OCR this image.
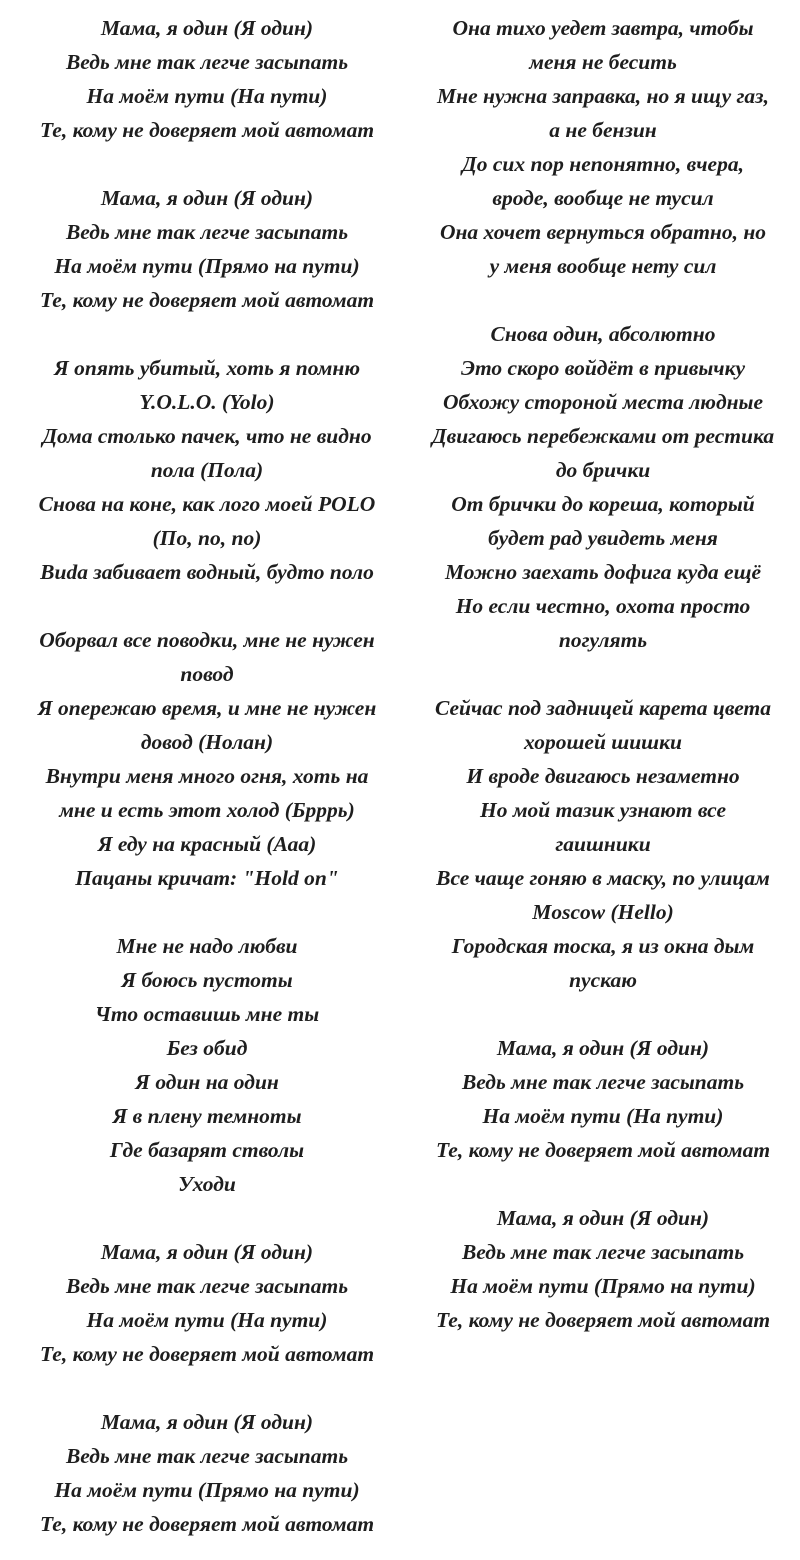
Мама, я один (Я один)
Ведь мне так легче засыпать
На моём пути (На пути)
Те, кому не доверяет мой автомат
Мама, я один (Я один)
Ведь мне так легче засыпать
На моём пути (Прямо на пути)
Те, кому не доверяет мой автомат
Я опять убитый, хоть я помню
Y.O.L.O. (Yolo)
Дома столько пачек, что не видно
пола (Пола)
Снова на коне, как лого моей POLO
(По, по, по)
Buda забивает водный, будто поло
Оборвал все поводки, мне не нужен
повод
Я опережаю время, и мне не нужен
довод (Нолан)
Внутри меня много огня, хоть на
мне и есть этот холод (Брррь)
Я еду на красный (Ааа)
Пацаны кричат: "Hold on"
Мне не надо любви
Я боюсь пустоты
Что оставишь мне ты
Без обид
Я один на один
Я в плену темноты
Где базарят стволы
Уходи
Мама, я один (Я один)
Ведь мне так легче засыпать
На моём пути (На пути)
Те, кому не доверяет мой автомат
Мама, я один (Я один)
Ведь мне так легче засыпать
На моём пути (Прямо на пути)
Те, кому не доверяет мой автомат
Она тихо уедет завтра, чтобы
меня не бесить
Мне нужна заправка, но я ищу газ,
а не бензин
До сих пор непонятно, вчера,
вроде, вообще не тусил
Она хочет вернуться обратно, но
у меня вообще нету сил
Снова один, абсолютно
Это скоро войдёт в привычку
Обхожу стороной места людные
Двигаюсь перебежками от рестика
до брички
От брички до кореша, который
будет рад увидеть меня
Можно заехать дофига куда ещё
Но если честно, охота просто
погулять
Сейчас под задницей карета цвета
хорошей шишки
И вроде двигаюсь незаметно
Но мой тазик узнают все
гаишники
Все чаще гоняю в маску, по улицам
Moscow (Hello)
Городская тоска, я из окна дым
пускаю
Мама, я один (Я один)
Ведь мне так легче засыпать
На моём пути (На пути)
Те, кому не доверяет мой автомат
Мама, я один (Я один)
Ведь мне так легче засыпать
На моём пути (Прямо на пути)
Те, кому не доверяет мой автомат
